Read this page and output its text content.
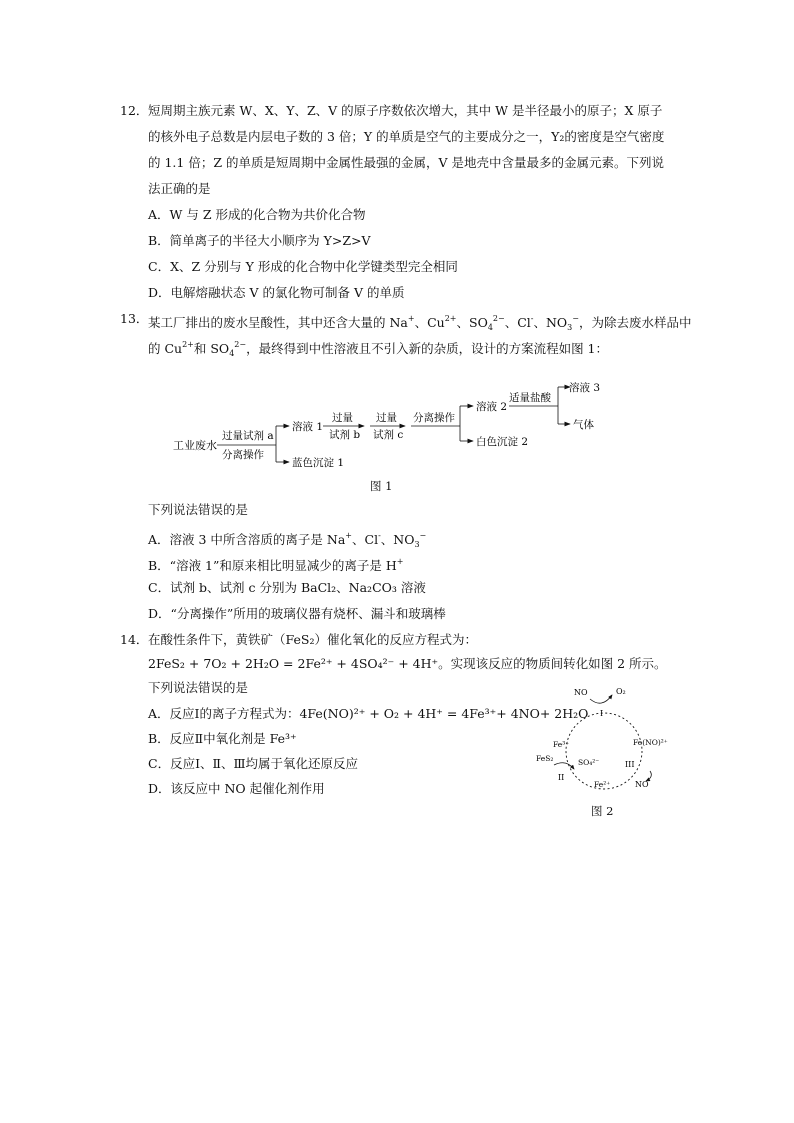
12． 短周期主族元素 W、X、Y、Z、V 的原子序数依次增大，其中 W 是半径最小的原子；X 原子
的核外电子总数是内层电子数的 3 倍；Y 的单质是空气的主要成分之一，Y₂的密度是空气密度
的 1.1 倍；Z 的单质是短周期中金属性最强的金属，V 是地壳中含量最多的金属元素。下列说
法正确的是
A．W 与 Z 形成的化合物为共价化合物
B．简单离子的半径大小顺序为 Y>Z>V
C．X、Z 分别与 Y 形成的化合物中化学键类型完全相同
D．电解熔融状态 V 的氯化物可制备 V 的单质
13． 某工厂排出的废水呈酸性，其中还含大量的 Na+、$Cu^{2+}$、$SO_4^{2-}$、Cl-、$NO_3^-$，为除去废水样品中
的 $Cu^{2+}$和 $SO_4^{2-}$，最终得到中性溶液且不引入新的杂质，设计的方案流程如图 1：
工业废水
过量试剂 a
分离操作
溶液 1
蓝色沉淀 1
过量
试剂 b
过量
试剂 c
分离操作
溶液 2
白色沉淀 2
适量盐酸
溶液 3
气体
图 1
下列说法错误的是
A．溶液 3 中所含溶质的离子是 Na+、Cl-、$NO_3^-$
B．“溶液 1”和原来相比明显减少的离子是 H+
C．试剂 b、试剂 c 分别为 BaCl₂、Na₂CO₃ 溶液
D．“分离操作”所用的玻璃仪器有烧杯、漏斗和玻璃棒
14． 在酸性条件下，黄铁矿（FeS₂）催化氧化的反应方程式为：
2FeS₂ + 7O₂ + 2H₂O = 2Fe²⁺ + 4SO₄²⁻ + 4H⁺。实现该反应的物质间转化如图 2 所示。
下列说法错误的是
A．反应Ⅰ的离子方程式为：4Fe(NO)²⁺ + O₂ + 4H⁺ = 4Fe³⁺+ 4NO+ 2H₂O
B．反应Ⅱ中氧化剂是 Fe³⁺
C．反应Ⅰ、Ⅱ、Ⅲ均属于氧化还原反应
D．该反应中 NO 起催化剂作用
NO	O₂
I
Fe³⁺
FeS₂	SO₄²⁻
II
Fe²⁺
III
Fe(NO)²⁺
NO
图 2
